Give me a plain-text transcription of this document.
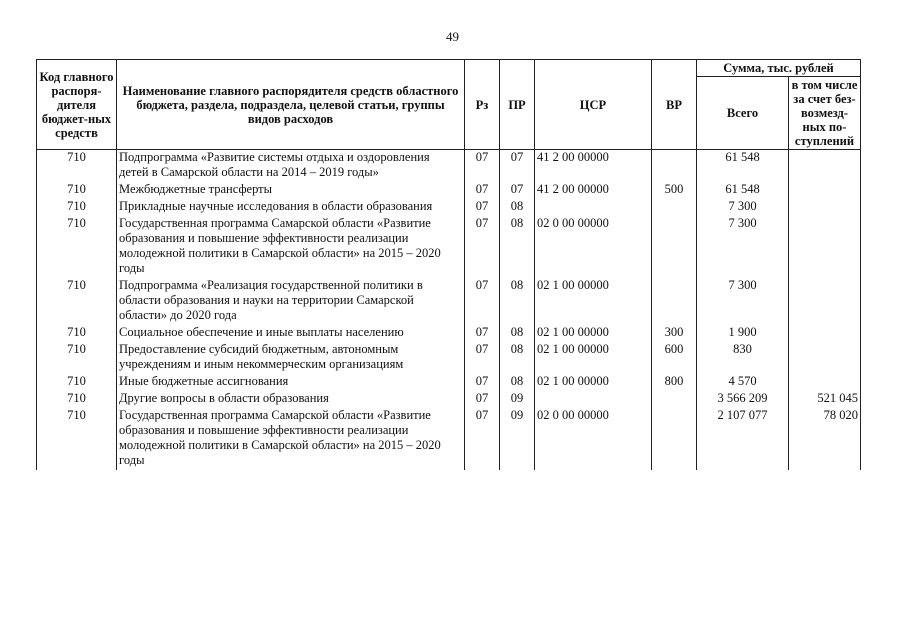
49
Код главного распоря-дителя бюджет-ных средств	Наименование главного распорядителя средств областного бюджета, раздела, подраздела, целевой статьи, группы видов расходов	Рз	ПР	ЦСР	ВР	Сумма, тыс. рублей	
						Всего	в том числе за счет без-возмезд-ных по-ступлений
710	Подпрограмма «Развитие системы отдыха и оздоровления детей в Самарской области на 2014 – 2019 годы»	07	07	41 2 00 00000		61 548	
710	Межбюджетные трансферты	07	07	41 2 00 00000	500	61 548	
710	Прикладные научные исследования в области образования	07	08			7 300	
710	Государственная программа Самарской области «Развитие образования и повышение эффективности реализации молодежной политики в Самарской области» на 2015 – 2020 годы	07	08	02 0 00 00000		7 300	
710	Подпрограмма «Реализация государственной политики в области образования и науки на территории Самарской области» до 2020 года	07	08	02 1 00 00000		7 300	
710	Социальное обеспечение и иные выплаты населению	07	08	02 1 00 00000	300	1 900	
710	Предоставление субсидий бюджетным, автономным учреждениям и иным некоммерческим организациям	07	08	02 1 00 00000	600	830	
710	Иные бюджетные ассигнования	07	08	02 1 00 00000	800	4 570	
710	Другие вопросы в области образования	07	09			3 566 209	521 045
710	Государственная программа Самарской области «Развитие образования и повышение эффективности реализации молодежной политики в Самарской области» на 2015 – 2020 годы	07	09	02 0 00 00000		2 107 077	78 020
